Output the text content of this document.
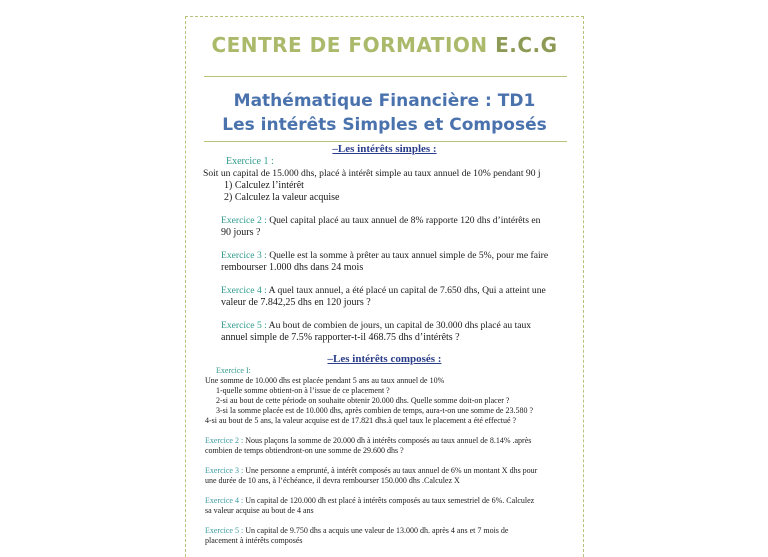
CENTRE DE FORMATION E.C.G
Mathématique Financière : TD1
Les intérêts Simples et Composés
–Les intérêts simples :
Exercice 1 :
Soit un capital de 15.000 dhs, placé à intérêt simple au taux annuel de 10% pendant 90 j
1) Calculez l’intérêt
2) Calculez la valeur acquise
Exercice 2 : Quel capital placé au taux annuel de 8% rapporte 120 dhs d’intérêts en
90 jours ?
Exercice 3 : Quelle est la somme à prêter au taux annuel simple de 5%, pour me faire
rembourser 1.000 dhs dans 24 mois
Exercice 4 : A quel taux annuel, a été placé un capital de 7.650 dhs, Qui a atteint une
valeur de 7.842,25 dhs en 120 jours ?
Exercice 5 : Au bout de combien de jours, un capital de 30.000 dhs placé au taux
annuel simple de 7.5% rapporter-t-il 468.75 dhs d’intérêts ?
–Les intérêts composés :
Exercice I:
Une somme de 10.000 dhs est placée pendant 5 ans au taux annuel de 10%
1-quelle somme obtient-on à l’issue de ce placement ?
2-si au bout de cette période on souhaite obtenir 20.000 dhs. Quelle somme doit-on placer ?
3-si la somme placée est de 10.000 dhs, après combien de temps, aura-t-on une somme de 23.580 ?
4-si au bout de 5 ans, la valeur acquise est de 17.821 dhs.à quel taux le placement a été effectué ?
Exercice 2 : Nous plaçons la somme de 20.000 dh à intérêts composés au taux annuel de 8.14% .après
combien de temps obtiendront-on une somme de 29.600 dhs ?
Exercice 3 : Une personne a emprunté, à intérêt composés au taux annuel de 6% un montant X dhs pour
une durée de 10 ans, à l’échéance, il devra rembourser 150.000 dhs .Calculez X
Exercice 4 : Un capital de 120.000 dh est placé à intérêts composés au taux semestriel de 6%. Calculez
sa valeur acquise au bout de 4 ans
Exercice 5 : Un capital de 9.750 dhs a acquis une valeur de 13.000 dh. après 4 ans et 7 mois de
placement à intérêts composés
